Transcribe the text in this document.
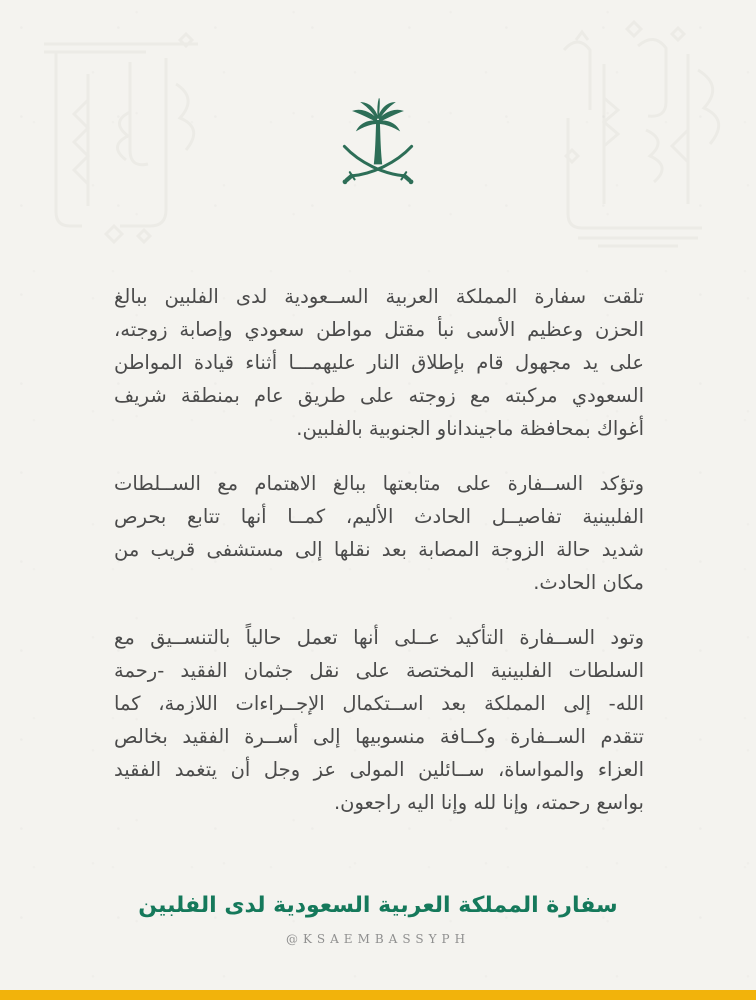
تلقت سفارة المملكة العربية الســعودية لدى الفلبين ببالغ
الحزن وعظيم الأسى نبأ مقتل مواطن سعودي وإصابة زوجته،
على يد مجهول قام بإطلاق النار عليهمـــا أثناء قيادة المواطن
السعودي مركبته مع زوجته على طريق عام بمنطقة شريف
أغواك بمحافظة ماجينداناو الجنوبية بالفلبين.
وتؤكد الســفارة على متابعتها ببالغ الاهتمام مع الســلطات
الفلبينية تفاصيــل الحادث الأليم، كمــا أنها تتابع بحرص
شديد حالة الزوجة المصابة بعد نقلها إلى مستشفى قريب من
مكان الحادث.
وتود الســفارة التأكيد عــلى أنها تعمل حالياً بالتنســيق مع
السلطات الفلبينية المختصة على نقل جثمان الفقيد -رحمة
الله- إلى المملكة بعد اســتكمال الإجــراءات اللازمة، كما
تتقدم الســفارة وكــافة منسوبيها إلى أســرة الفقيد بخالص
العزاء والمواساة، ســائلين المولى عز وجل أن يتغمد الفقيد
بواسع رحمته، وإنا لله وإنا اليه راجعون.
سفارة المملكة العربية السعودية لدى الفلبين
@KSAEMBASSYPH
